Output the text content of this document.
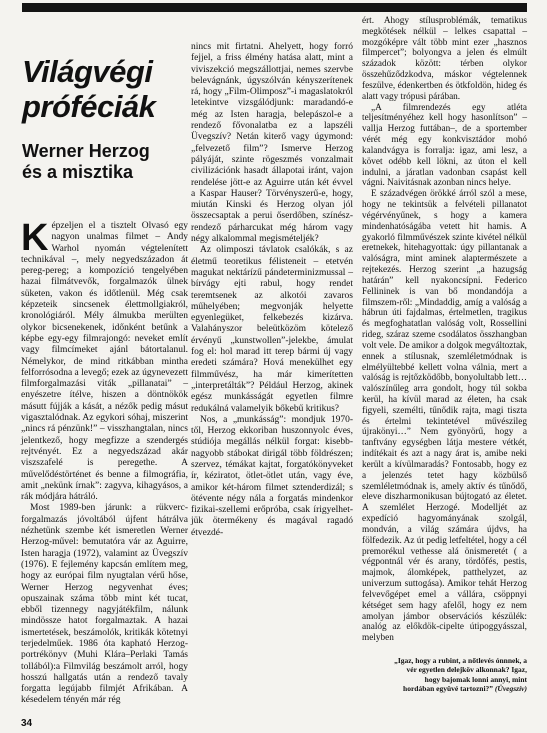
Világvégi próféciák
Werner Herzog és a misztika

Képzeljen el a tisztelt Olvasó egy nagyon unalmas filmet – Andy Warhol nyomán végtelenített technikával –, mely negyedszázadon át pereg-pereg; a kompozíció tengelyében hazai filmátvevők, forgalmazók ülnek süketen, vakon és időtlenül. Még csak képzeteik sincsenek élettmollgiakról, kronológiáról. Mély álmukba merülten olykor bicsenekenek, időnként betűnk a képbe egy-egy filmrajongó: neveket említ vagy filmcímeket ajánl bátortalanul. Némelykor, de mind ritkábban mintha felforrósodna a levegő; ezek az úgynevezett filmforgalmazási viták „pillanatai” – enyészetre ítélve, hiszen a döntnökök másutt fújják a kását, a nézők pedig másut vigasztalódnak. Az egykori sóhaj, miszerint „nincs rá pénzünk!” – visszhangtalan, nincs jelentkező, hogy megfizze a szendergés rejtvényét. Ez a negyedszázad akár viszszafelé is peregethe. A művelődéstörténet és benne a filmográfia, amit „nekünk írnak”: zagyva, kihagyásos, a rák módjára hátráló.

Most 1989-ben járunk: a rükverc-forgalmazás jóvoltából újfent hátrálva nézhetünk szembe két ismeretlen Werner Herzog-művel: bemutatóra vár az Aguirre, Isten haragja (1972), valamint az Üvegszív (1976). E fejlemény kapcsán említem meg, hogy az európai film nyugtalan vérű hőse, Werner Herzog negyvenhat éves; opuszainak száma több mint két tucat, ebből tizennegy nagyjátékfilm, nálunk mindössze hatot forgalmaztak. A hazai ismertetések, beszámolók, kritikák kötetnyi terjedelműek. 1986 óta kapható Herzog-portrékönyv (Muhi Klára–Perlaki Tamás tollából):a Filmvilág beszámolt arról, hogy hosszú hallgatás után a rendező tavaly forgatta legújabb filmjét Afrikában. A késedelem tényén már rég

nincs mit firtatni. Ahelyett, hogy forró fejjel, a friss élmény hatása alatt, mint a viviszekció megszállottjai, nemes szervbe belevágnánk, úgyszólván kényszerítenek rá, hogy „Film-Olimposz”-i magaslatokról letekintve vizsgálódjunk: maradandó-e még az Isten haragja, belepászol-e a rendező fővonalatba ez a lapszéli Üvegszív? Netán kiterő vagy úgymond: „felvezető film”? Ismerve Herzog pályáját, szinte rögeszmés vonzalmait civilizációnk hasadt állapotai iránt, vajon rendelése jött-e az Aguirre után két évvel a Kaspar Hauser? Törvényszerű-e, hogy, miután Kinski és Herzog olyan jól összecsaptak a perui őserdőben, színész-rendező párharcukat még három vagy négy alkalommal megismételjék?

Az olimposzi távlatok csalókák, s az életmű teoretikus félisteneit – etetvén magukat nektárízű pándeterminizmussal – bírvágy ejti rabul, hogy rendet teremtsenek az alkotói zavaros műhelyében; megvonják helyette egyenlegüket, felkebezés kizárva. Valahányszor beleütközöm kötelező érvényű „kunstwollen”-jelekbe, ámulat fog el: hol marad itt terep bármi új vagy eredeti számára? Hová menekülhet egy filmművész, ha már kimerítetten „interpretálták”? Például Herzog, akinek egész munkásságát egyetlen filmre redukálná valamelyik bőkebű kritikus?

Nos, a „munkásság”: mondjuk 1970-től, Herzog ekkoriban huszonnyolc éves, stúdiója megállás nélkül forgat: kisebb-nagyobb stábokat dirigál több földrészen; szervez, témákat kajtat, forgatókönyveket ír, kéziratot, ötlet-ötlet után, vagy éve, amikor két-három filmet sztenderdizál; s ötévente négy nála a forgatás mindenkor fizikai-szellemi erőpróba, csak írigyelhet-jük ötermékeny és magával ragadó étvezdé-

ért. Ahogy stílusproblémák, tematikus megkötések nélkül – lelkes csapattal – mozgóképre vált több mint ezer „hasznos filmpercet”; bolyongva a jelen és elmúlt századok között: térben olykor összehűződzkodva, máskor végtelennek feszülve, édenkertben és ötkfoldön, hideg és alatt vagy trópusi párában.

„A filmrendezés egy atléta teljesítményéhez kell hogy hasonlítson” – vallja Herzog futtában–, de a sportember vérét még egy konkvisztádor mohó kalandvágya is forralja: igaz, ami lesz, a követ odébb kell lökni, az úton el kell indulni, a járatlan vadonban csapást kell vágni. Naivitásnak azonban nincs helye.

E századvégen örökké árról szól a mese, hogy ne tekintsük a felvételi pillanatot végérvényűnek, s hogy a kamera mindenhatóságába vetett hit hamis. A gyakorló filmművészek szinte kivétel nélkül eretnekek, hitehagyottak: úgy pillantanak a valóságra, mint aminek alaptermészete a rejtekezés. Herzog szerint „a hazugság határán” kell nyakoncsípni. Federico Fellininek is van bő mondandója a filmszem-ről: „Mindaddig, amíg a valóság a hábrun úti fajdalmas, értelmetlen, tragikus és megfoghatatlan valóság volt, Rossellini rideg, száraz szeme csodálatos összhangban volt vele. De amikor a dolgok megváltoztak, ennek a stílusnak, szemléletmódnak is elmélyültebbé kellett volna válnia, mert a valóság is rejtőzködőbb, bonyolultabb lett… valószínűleg arra gondolt, hogy túl sokba kerül, ha kívül marad az életen, ha csak figyeli, személti, tűnődik rajta, magi tiszta és értelmi tekintetével művészileg újrakönyi…” Nem gyönyörű, hogy a tanftvány egységben látja mestere vétkét, indítékait és azt a nagy árat is, amibe neki került a kívülmaradás? Fontosabb, hogy ez a jelenzés tetet hagy közbülső szemléletmódnak is, amely aktív és tűnődő, eleve diszharmonikusan bújtogató az életet. A szemlélet Herzogé. Modelljét az expedíció hagyományának szolgál, mondván, a világ számára újdvs, ha fölfedezik. Az út pedig letfeltétel, hogy a cél premorékul vethesse alá önismeretét ( a végpontnál vér és arany, tördöfés, pestis, majmok, álomképek, patthelyzet, az univerzum suttogása). Amikor tehát Herzog felvevőgépet emel a vállára, csöppnyi kétséget sem hagy afelől, hogy ez nem amolyan jámbor observációs készülék: analóg az előkdök-cipelte útipoggyásszal, melyben

„Igaz, hogy a rubint, a nőtlevés ónnnek, a vér egyetlen delejköv alkonnak? Igaz, hogy bajomak lonni annyi, mint hordában együvé tartozni?” (Üvegszív)
34
